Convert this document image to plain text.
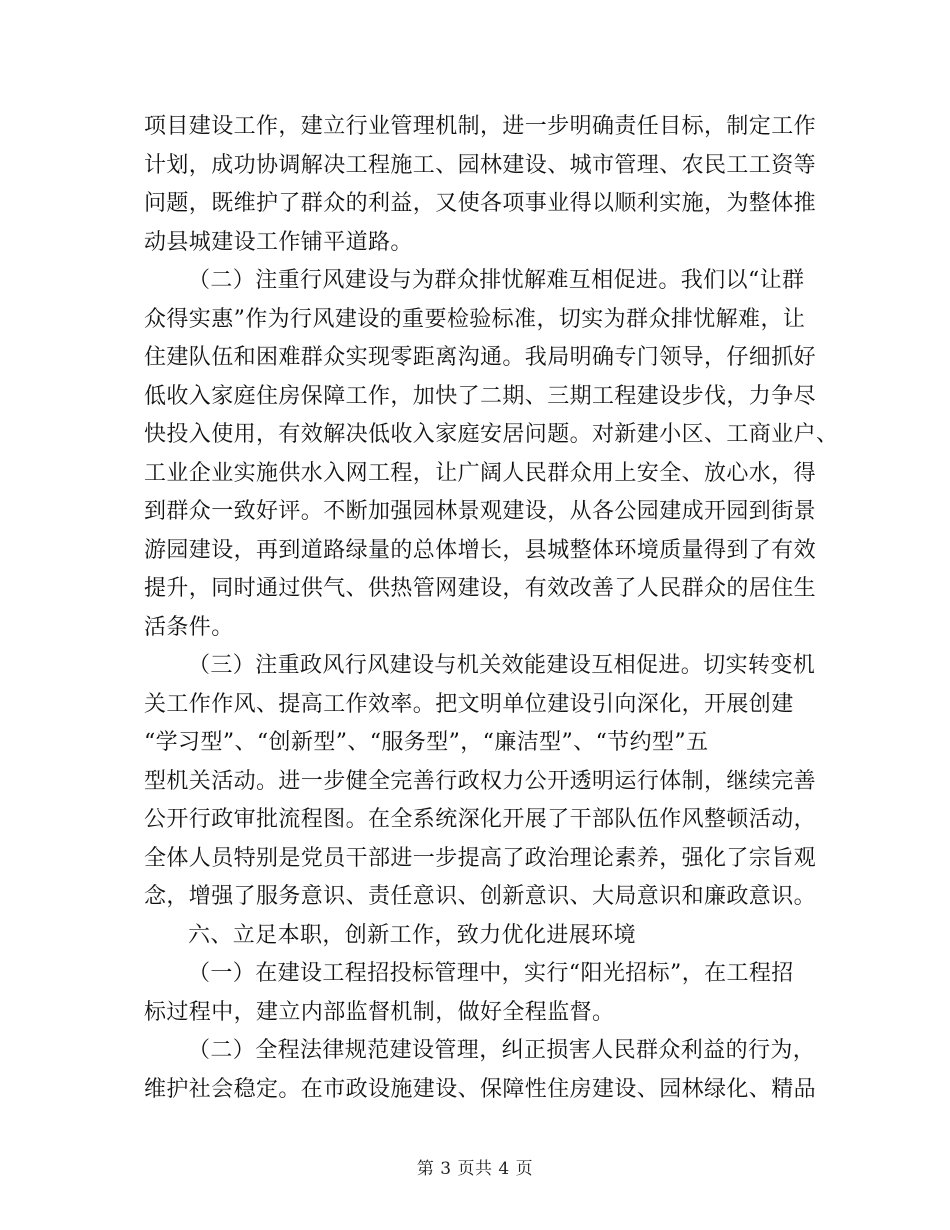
项目建设工作，建立行业管理机制，进一步明确责任目标，制定工作
计划，成功协调解决工程施工、园林建设、城市管理、农民工工资等
问题，既维护了群众的利益，又使各项事业得以顺利实施，为整体推
动县城建设工作铺平道路。
（二）注重行风建设与为群众排忧解难互相促进。我们以“让群
众得实惠”作为行风建设的重要检验标准，切实为群众排忧解难，让
住建队伍和困难群众实现零距离沟通。我局明确专门领导，仔细抓好
低收入家庭住房保障工作，加快了二期、三期工程建设步伐，力争尽
快投入使用，有效解决低收入家庭安居问题。对新建小区、工商业户、
工业企业实施供水入网工程，让广阔人民群众用上安全、放心水，得
到群众一致好评。不断加强园林景观建设，从各公园建成开园到街景
游园建设，再到道路绿量的总体增长，县城整体环境质量得到了有效
提升，同时通过供气、供热管网建设，有效改善了人民群众的居住生
活条件。
（三）注重政风行风建设与机关效能建设互相促进。切实转变机
关工作作风、提高工作效率。把文明单位建设引向深化，开展创建
“学习型”、“创新型”、“服务型”，“廉洁型”、“节约型”五
型机关活动。进一步健全完善行政权力公开透明运行体制，继续完善
公开行政审批流程图。在全系统深化开展了干部队伍作风整顿活动，
全体人员特别是党员干部进一步提高了政治理论素养，强化了宗旨观
念，增强了服务意识、责任意识、创新意识、大局意识和廉政意识。
六、立足本职，创新工作，致力优化进展环境
（一）在建设工程招投标管理中，实行“阳光招标”，在工程招
标过程中，建立内部监督机制，做好全程监督。
（二）全程法律规范建设管理，纠正损害人民群众利益的行为，
维护社会稳定。在市政设施建设、保障性住房建设、园林绿化、精品
第 3 页共 4 页
